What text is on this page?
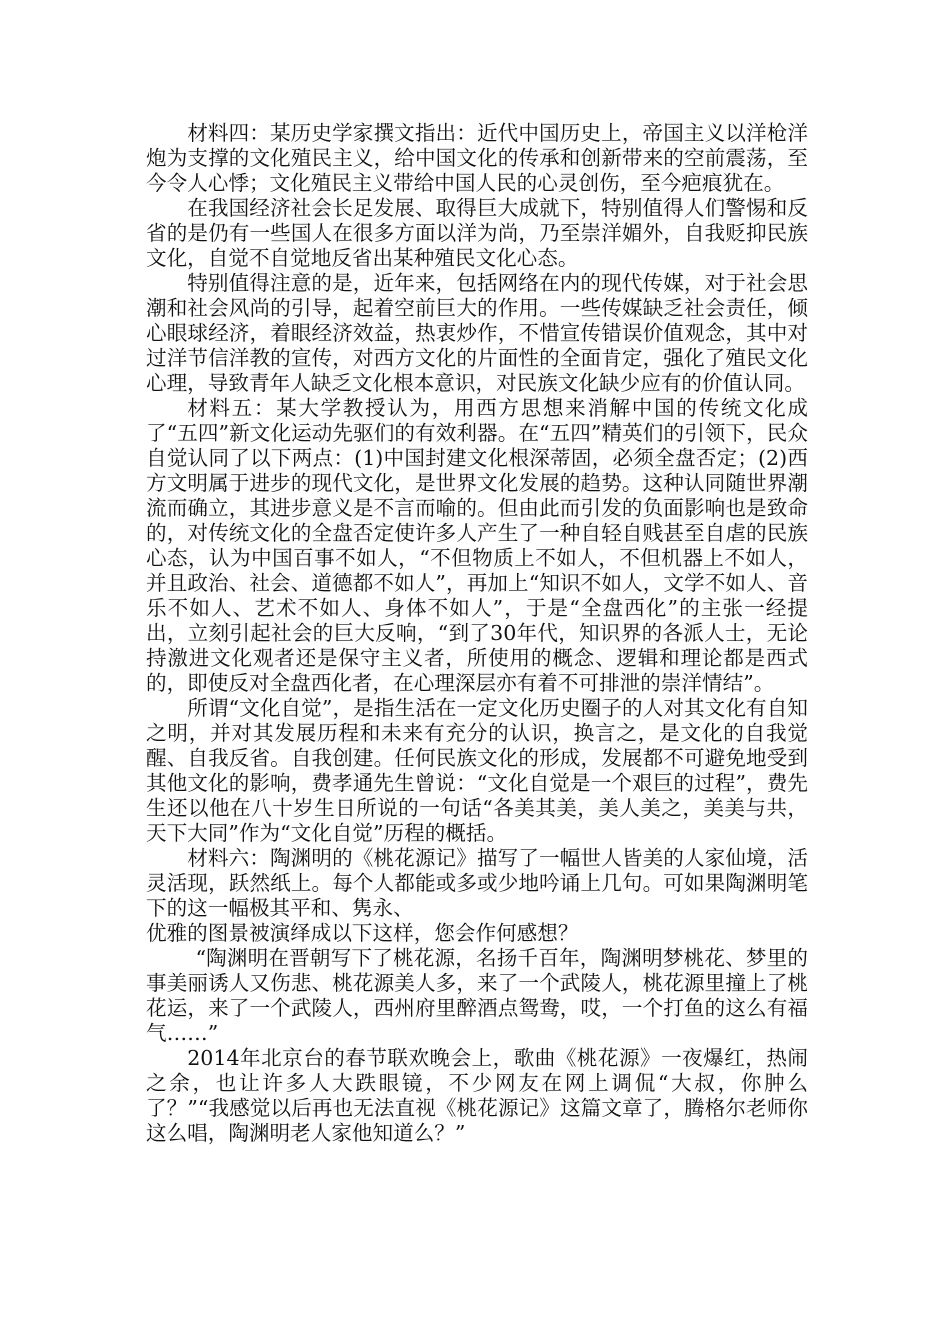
材料四：某历史学家撰文指出：近代中国历史上，帝国主义以洋枪洋炮为支撑的文化殖民主义，给中国文化的传承和创新带来的空前震荡，至今令人心悸；文化殖民主义带给中国人民的心灵创伤，至今疤痕犹在。

在我国经济社会长足发展、取得巨大成就下，特别值得人们警惕和反省的是仍有一些国人在很多方面以洋为尚，乃至崇洋媚外，自我贬抑民族文化，自觉不自觉地反省出某种殖民文化心态。

特别值得注意的是，近年来，包括网络在内的现代传媒，对于社会思潮和社会风尚的引导，起着空前巨大的作用。一些传媒缺乏社会责任，倾心眼球经济，着眼经济效益，热衷炒作，不惜宣传错误价值观念，其中对过洋节信洋教的宣传，对西方文化的片面性的全面肯定，强化了殖民文化心理，导致青年人缺乏文化根本意识，对民族文化缺少应有的价值认同。

材料五：某大学教授认为，用西方思想来消解中国的传统文化成了“五四”新文化运动先驱们的有效利器。在“五四”精英们的引领下，民众自觉认同了以下两点：(1)中国封建文化根深蒂固，必须全盘否定；(2)西方文明属于进步的现代文化，是世界文化发展的趋势。这种认同随世界潮流而确立，其进步意义是不言而喻的。但由此而引发的负面影响也是致命的，对传统文化的全盘否定使许多人产生了一种自轻自贱甚至自虐的民族心态，认为中国百事不如人，“不但物质上不如人，不但机器上不如人，并且政治、社会、道德都不如人”，再加上“知识不如人，文学不如人、音乐不如人、艺术不如人、身体不如人”，于是“全盘西化”的主张一经提出，立刻引起社会的巨大反响，“到了30年代，知识界的各派人士，无论持激进文化观者还是保守主义者，所使用的概念、逻辑和理论都是西式的，即使反对全盘西化者，在心理深层亦有着不可排泄的崇洋情结”。

所谓“文化自觉”，是指生活在一定文化历史圈子的人对其文化有自知之明，并对其发展历程和未来有充分的认识，换言之，是文化的自我觉醒、自我反省。自我创建。任何民族文化的形成，发展都不可避免地受到其他文化的影响，费孝通先生曾说：“文化自觉是一个艰巨的过程”，费先生还以他在八十岁生日所说的一句话“各美其美，美人美之，美美与共，天下大同”作为“文化自觉”历程的概括。

材料六：陶渊明的《桃花源记》描写了一幅世人皆美的人家仙境，活灵活现，跃然纸上。每个人都能或多或少地吟诵上几句。可如果陶渊明笔下的这一幅极其平和、隽永、

优雅的图景被演绎成以下这样，您会作何感想？

“陶渊明在晋朝写下了桃花源，名扬千百年，陶渊明梦桃花、梦里的事美丽诱人又伤悲、桃花源美人多，来了一个武陵人，桃花源里撞上了桃花运，来了一个武陵人，西州府里醉酒点鸳鸯，哎，一个打鱼的这么有福气……”

2014年北京台的春节联欢晚会上，歌曲《桃花源》一夜爆红，热闹之余，也让许多人大跌眼镜，不少网友在网上调侃“大叔，你肿么了？”“我感觉以后再也无法直视《桃花源记》这篇文章了，腾格尔老师你这么唱，陶渊明老人家他知道么？”
